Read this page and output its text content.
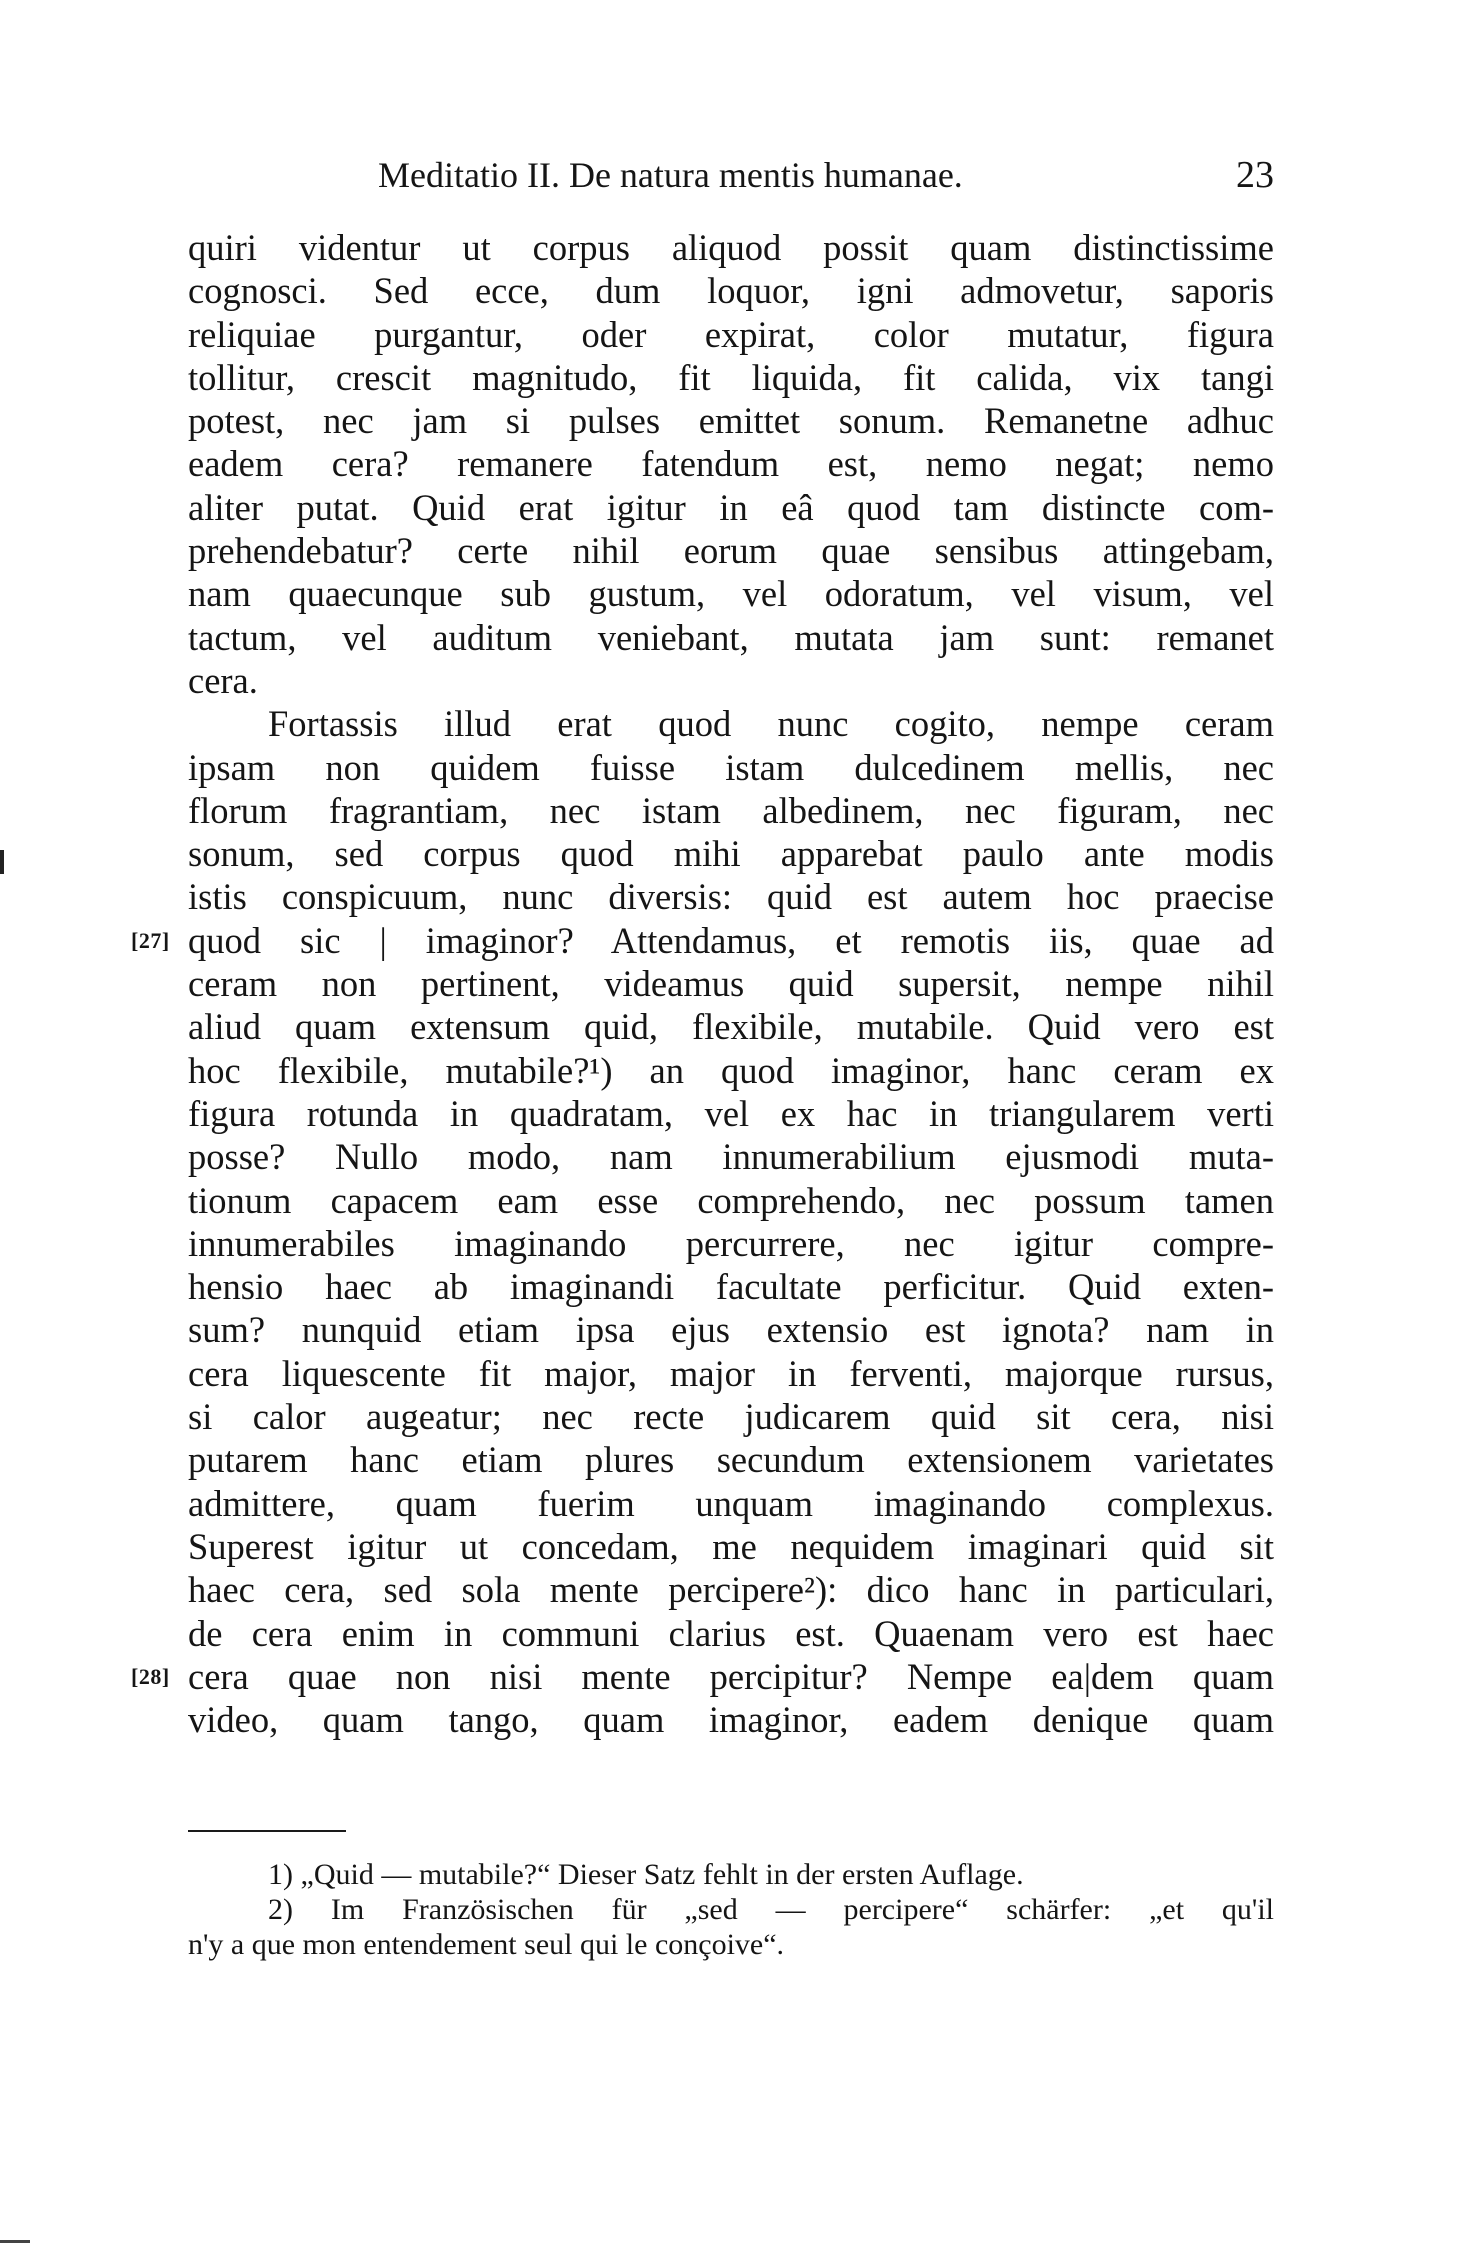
Meditatio II. De natura mentis humanae.	23
quiri videntur ut corpus aliquod possit quam distinctissime
cognosci. Sed ecce, dum loquor, igni admovetur, saporis
reliquiae purgantur, oder expirat, color mutatur, figura
tollitur, crescit magnitudo, fit liquida, fit calida, vix tangi
potest, nec jam si pulses emittet sonum. Remanetne adhuc
eadem cera? remanere fatendum est, nemo negat; nemo
aliter putat. Quid erat igitur in eâ quod tam distincte com-
prehendebatur? certe nihil eorum quae sensibus attingebam,
nam quaecunque sub gustum, vel odoratum, vel visum, vel
tactum, vel auditum veniebant, mutata jam sunt: remanet
cera.
Fortassis illud erat quod nunc cogito, nempe ceram
ipsam non quidem fuisse istam dulcedinem mellis, nec
florum fragrantiam, nec istam albedinem, nec figuram, nec
sonum, sed corpus quod mihi apparebat paulo ante modis
istis conspicuum, nunc diversis: quid est autem hoc praecise
[27] quod sic | imaginor? Attendamus, et remotis iis, quae ad
ceram non pertinent, videamus quid supersit, nempe nihil
aliud quam extensum quid, flexibile, mutabile. Quid vero est
hoc flexibile, mutabile?¹) an quod imaginor, hanc ceram ex
figura rotunda in quadratam, vel ex hac in triangularem verti
posse? Nullo modo, nam innumerabilium ejusmodi muta-
tionum capacem eam esse comprehendo, nec possum tamen
innumerabiles imaginando percurrere, nec igitur compre-
hensio haec ab imaginandi facultate perficitur. Quid exten-
sum? nunquid etiam ipsa ejus extensio est ignota? nam in
cera liquescente fit major, major in ferventi, majorque rursus,
si calor augeatur; nec recte judicarem quid sit cera, nisi
putarem hanc etiam plures secundum extensionem varietates
admittere, quam fuerim unquam imaginando complexus.
Superest igitur ut concedam, me nequidem imaginari quid sit
haec cera, sed sola mente percipere²): dico hanc in particulari,
de cera enim in communi clarius est. Quaenam vero est haec
[28] cera quae non nisi mente percipitur? Nempe ea|dem quam
video, quam tango, quam imaginor, eadem denique quam
1) „Quid — mutabile?“ Dieser Satz fehlt in der ersten Auflage.
2) Im Französischen für „sed — percipere“ schärfer: „et qu'il
n'y a que mon entendement seul qui le conçoive“.
